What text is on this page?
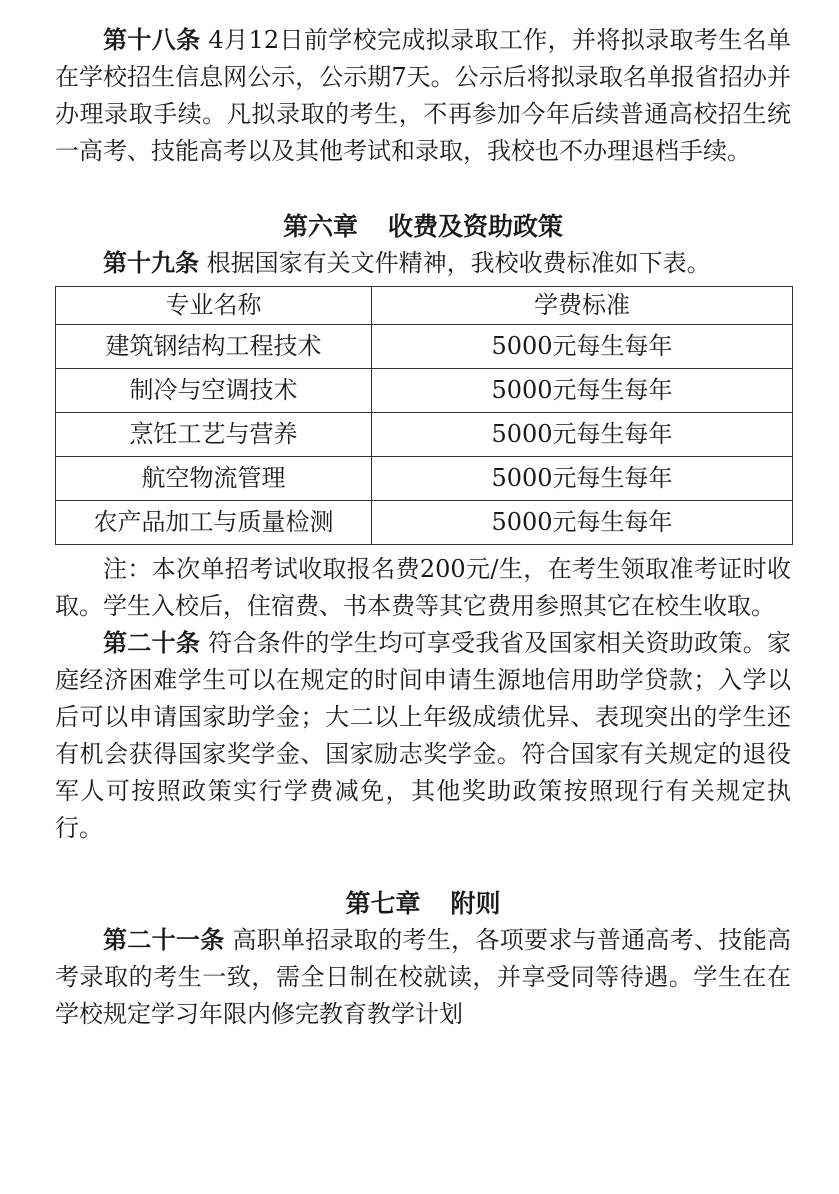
第十八条 4月12日前学校完成拟录取工作，并将拟录取考生名单在学校招生信息网公示，公示期7天。公示后将拟录取名单报省招办并办理录取手续。凡拟录取的考生，不再参加今年后续普通高校招生统一高考、技能高考以及其他考试和录取，我校也不办理退档手续。

第六章 收费及资助政策

第十九条 根据国家有关文件精神，我校收费标准如下表。

专业名称	学费标准
建筑钢结构工程技术	5000元每生每年
制冷与空调技术	5000元每生每年
烹饪工艺与营养	5000元每生每年
航空物流管理	5000元每生每年
农产品加工与质量检测	5000元每生每年

注：本次单招考试收取报名费200元/生，在考生领取准考证时收取。学生入校后，住宿费、书本费等其它费用参照其它在校生收取。

第二十条 符合条件的学生均可享受我省及国家相关资助政策。家庭经济困难学生可以在规定的时间申请生源地信用助学贷款；入学以后可以申请国家助学金；大二以上年级成绩优异、表现突出的学生还有机会获得国家奖学金、国家励志奖学金。符合国家有关规定的退役军人可按照政策实行学费减免，其他奖助政策按照现行有关规定执行。

第七章 附则

第二十一条 高职单招录取的考生，各项要求与普通高考、技能高考录取的考生一致，需全日制在校就读，并享受同等待遇。学生在在学校规定学习年限内修完教育教学计划
